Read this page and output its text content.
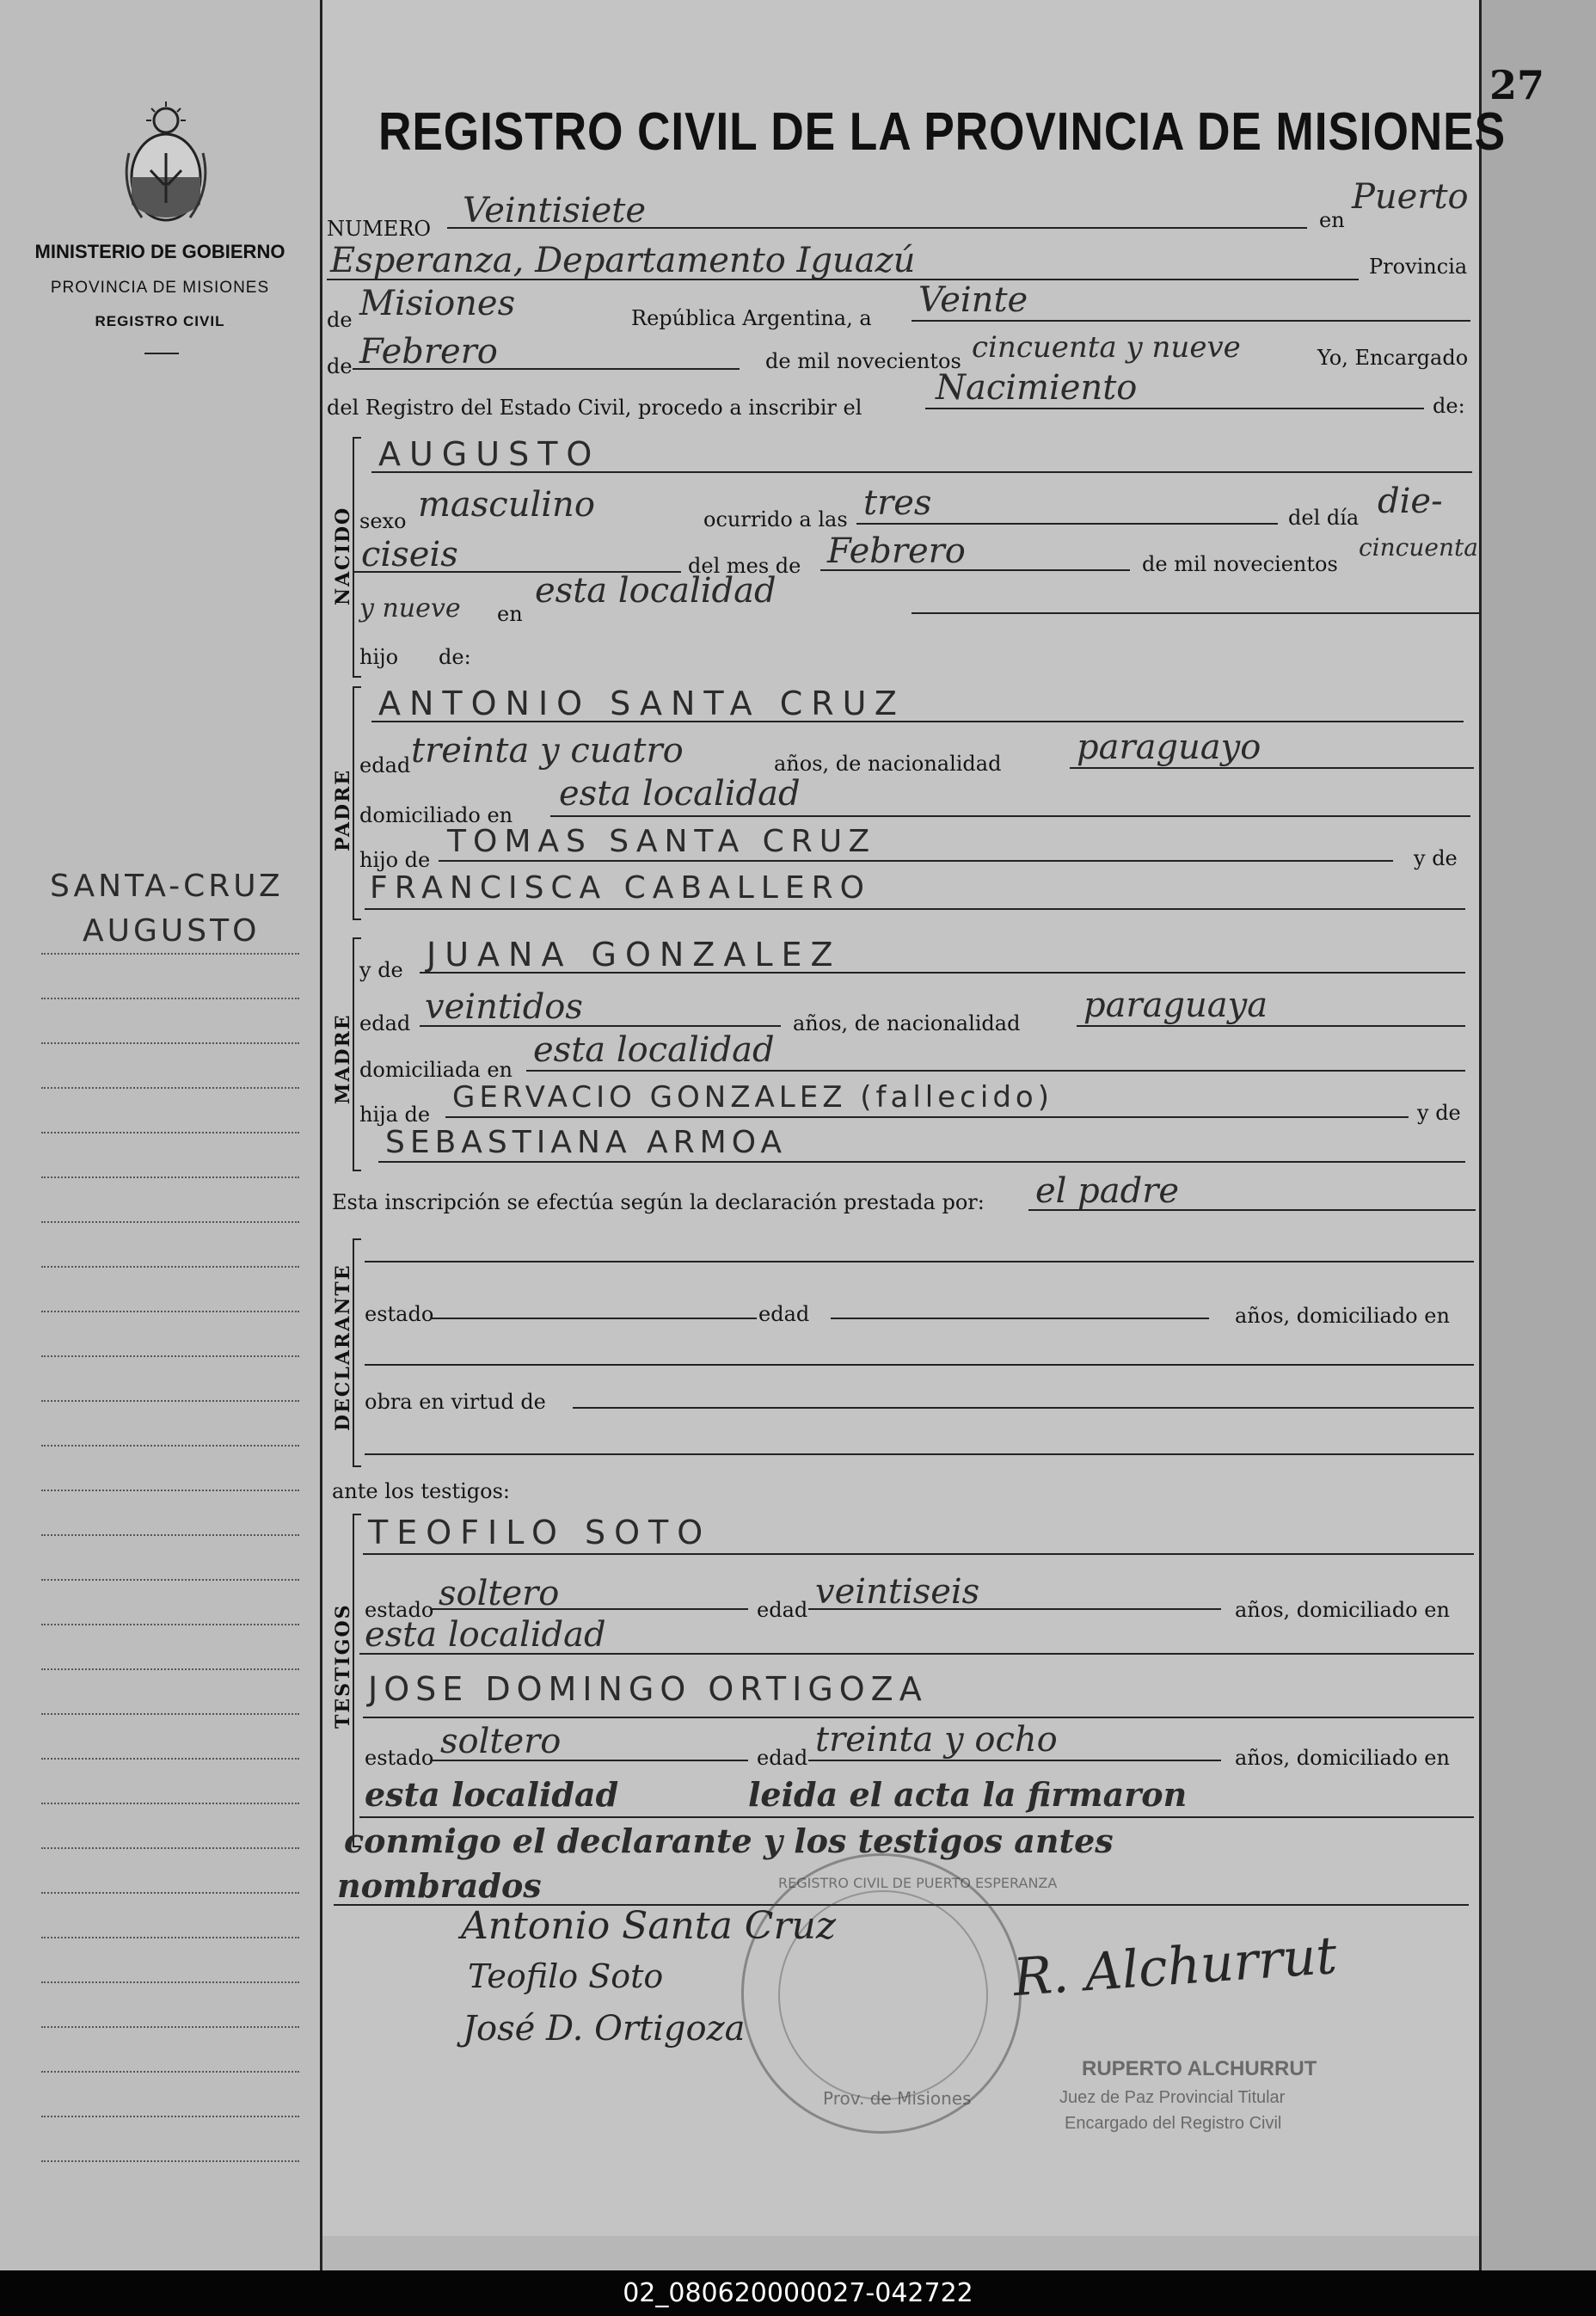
MINISTERIO DE GOBIERNO
PROVINCIA DE MISIONES
REGISTRO CIVIL
SANTA-CRUZ
AUGUSTO
27
REGISTRO CIVIL DE LA PROVINCIA DE MISIONES
NUMERO Veintisiete	en
Puerto
Esperanza, Departamento Iguazú	Provincia
de Misiones	República Argentina, a Veinte
de Febrero	de mil novecientos cincuenta y nueve	Yo, Encargado
del Registro del Estado Civil, procedo a inscribir el Nacimiento	de:
NACIDO
AUGUSTO
sexo masculino	ocurrido a las tres	del día die-
ciseis	del mes de Febrero	de mil novecientos
cincuenta
y nueve en
esta localidad
hijo de:
PADRE
ANTONIO SANTA CRUZ
edad treinta y cuatro	años, de nacionalidad paraguayo
domiciliado en
esta localidad
hijo de
TOMAS SANTA CRUZ	y de
FRANCISCA CABALLERO
MADRE
y de JUANA GONZALEZ
edad veintidos	años, de nacionalidad paraguaya
domiciliada en esta localidad
hija de GERVACIO GONZALEZ (fallecido)	y de
SEBASTIANA ARMOA
Esta inscripción se efectúa según la declaración prestada por: el padre
DECLARANTE estado	edad	años, domiciliado en
obra en virtud de
ante los testigos:
TESTIGOS
TEOFILO SOTO
estado soltero	edad veintiseis	años, domiciliado en
esta localidad
JOSE DOMINGO ORTIGOZA
estado soltero	edad treinta y ocho	años, domiciliado en
esta localidad	leida el acta la firmaron
conmigo el declarante y los testigos antes
nombrados	REGISTRO CIVIL DE PUERTO ESPERANZA
Prov. de Misiones
Antonio Santa Cruz
Teofilo Soto
José D. Ortigoza
R. Alchurrut
RUPERTO ALCHURRUT
Juez de Paz Provincial Titular
Encargado del Registro Civil
02_080620000027-042722
